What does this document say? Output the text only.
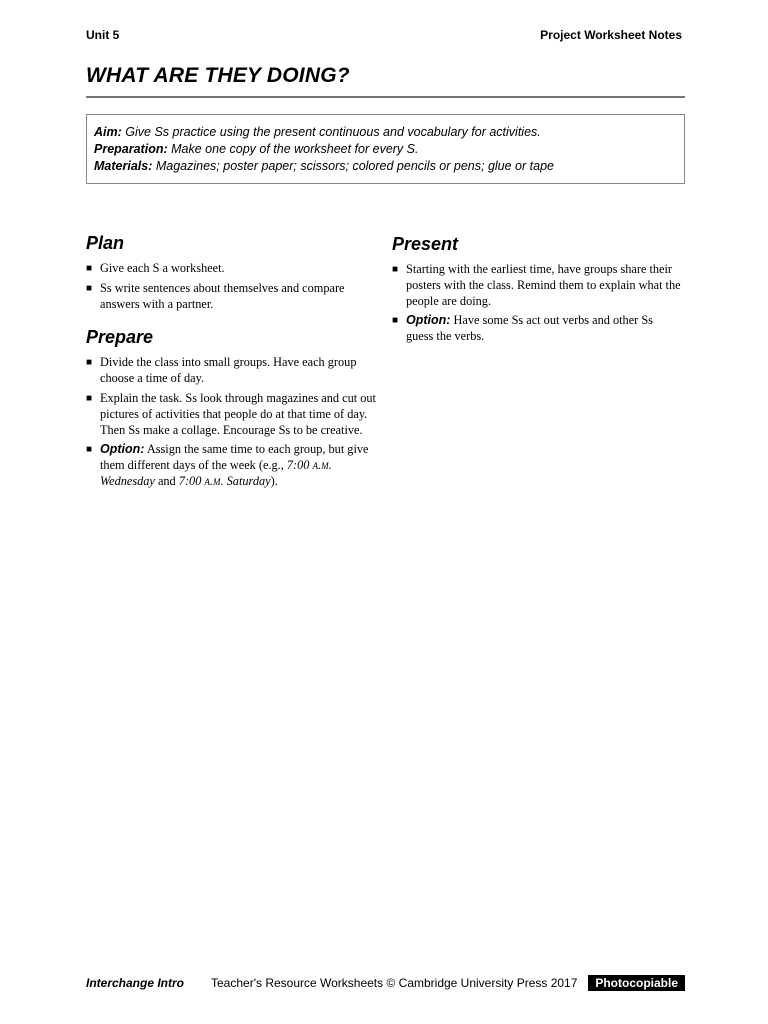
Unit 5	Project Worksheet Notes
WHAT ARE THEY DOING?

Aim: Give Ss practice using the present continuous and vocabulary for activities.

Preparation: Make one copy of the worksheet for every S.

Materials: Magazines; poster paper; scissors; colored pencils or pens; glue or tape

Plan
■ Give each S a worksheet.
■ Ss write sentences about themselves and compare answers with a partner.
Prepare
■ Divide the class into small groups. Have each group choose a time of day.
■ Explain the task. Ss look through magazines and cut out pictures of activities that people do at that time of day. Then Ss make a collage. Encourage Ss to be creative.
■ Option: Assign the same time to each group, but give them different days of the week (e.g., 7:00 a.m. Wednesday and 7:00 a.m. Saturday).
Present
■ Starting with the earliest time, have groups share their posters with the class. Remind them to explain what the people are doing.
■ Option: Have some Ss act out verbs and other Ss guess the verbs.
Interchange Intro Teacher's Resource Worksheets © Cambridge University Press 2017	Photocopiable
